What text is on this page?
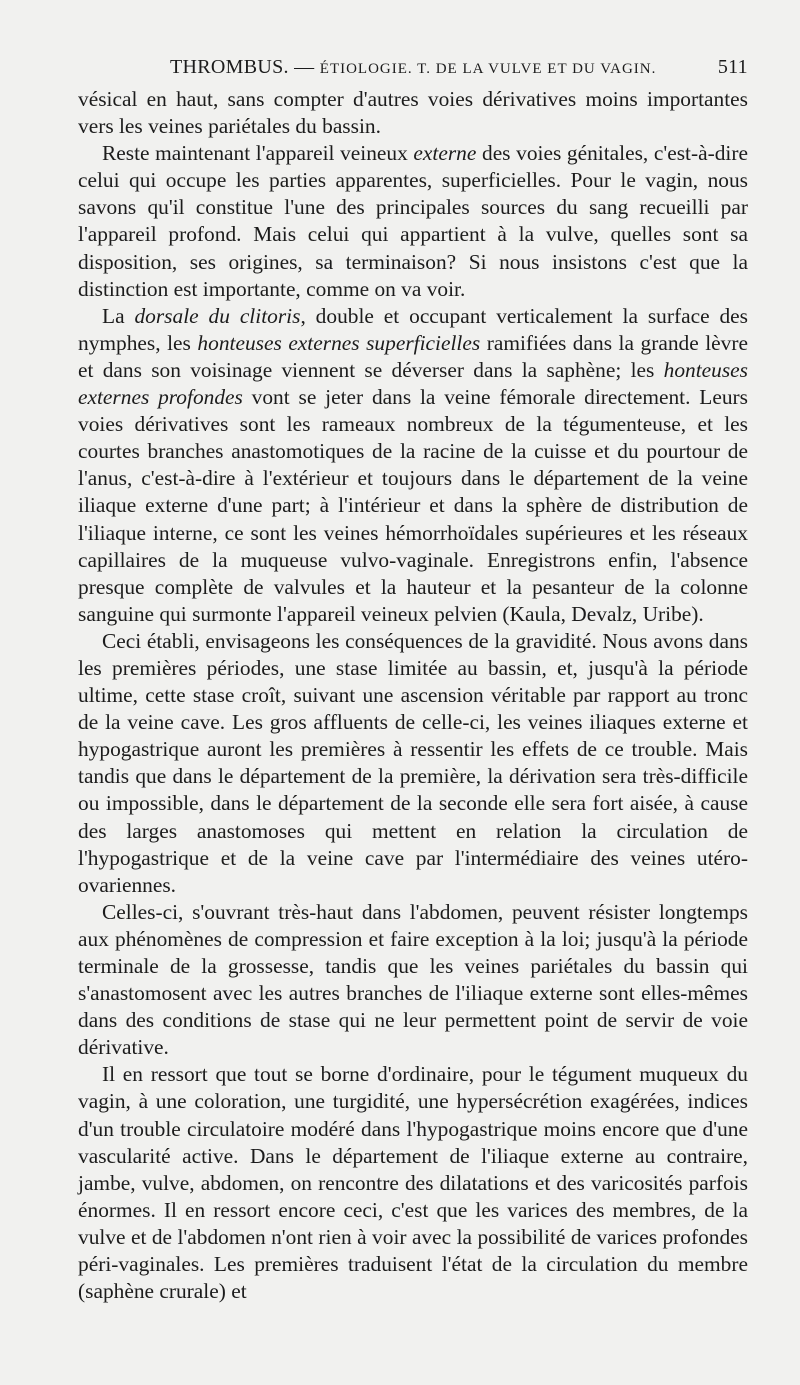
THROMBUS. — ÉTIOLOGIE. T. DE LA VULVE ET DU VAGIN.	511

vésical en haut, sans compter d'autres voies dérivatives moins importantes vers les veines pariétales du bassin.

Reste maintenant l'appareil veineux externe des voies génitales, c'est-à-dire celui qui occupe les parties apparentes, superficielles. Pour le vagin, nous savons qu'il constitue l'une des principales sources du sang recueilli par l'appareil profond. Mais celui qui appartient à la vulve, quelles sont sa disposition, ses origines, sa terminaison? Si nous insistons c'est que la distinction est importante, comme on va voir.

La dorsale du clitoris, double et occupant verticalement la surface des nymphes, les honteuses externes superficielles ramifiées dans la grande lèvre et dans son voisinage viennent se déverser dans la saphène; les honteuses externes profondes vont se jeter dans la veine fémorale directement. Leurs voies dérivatives sont les rameaux nombreux de la tégumenteuse, et les courtes branches anastomotiques de la racine de la cuisse et du pourtour de l'anus, c'est-à-dire à l'extérieur et toujours dans le département de la veine iliaque externe d'une part; à l'intérieur et dans la sphère de distribution de l'iliaque interne, ce sont les veines hémorrhoïdales supérieures et les réseaux capillaires de la muqueuse vulvo-vaginale. Enregistrons enfin, l'absence presque complète de valvules et la hauteur et la pesanteur de la colonne sanguine qui surmonte l'appareil veineux pelvien (Kaula, Devalz, Uribe).

Ceci établi, envisageons les conséquences de la gravidité. Nous avons dans les premières périodes, une stase limitée au bassin, et, jusqu'à la période ultime, cette stase croît, suivant une ascension véritable par rapport au tronc de la veine cave. Les gros affluents de celle-ci, les veines iliaques externe et hypogastrique auront les premières à ressentir les effets de ce trouble. Mais tandis que dans le département de la première, la dérivation sera très-difficile ou impossible, dans le département de la seconde elle sera fort aisée, à cause des larges anastomoses qui mettent en relation la circulation de l'hypogastrique et de la veine cave par l'intermédiaire des veines utéro-ovariennes.

Celles-ci, s'ouvrant très-haut dans l'abdomen, peuvent résister longtemps aux phénomènes de compression et faire exception à la loi; jusqu'à la période terminale de la grossesse, tandis que les veines pariétales du bassin qui s'anastomosent avec les autres branches de l'iliaque externe sont elles-mêmes dans des conditions de stase qui ne leur permettent point de servir de voie dérivative.

Il en ressort que tout se borne d'ordinaire, pour le tégument muqueux du vagin, à une coloration, une turgidité, une hypersécrétion exagérées, indices d'un trouble circulatoire modéré dans l'hypogastrique moins encore que d'une vascularité active. Dans le département de l'iliaque externe au contraire, jambe, vulve, abdomen, on rencontre des dilatations et des varicosités parfois énormes. Il en ressort encore ceci, c'est que les varices des membres, de la vulve et de l'abdomen n'ont rien à voir avec la possibilité de varices profondes péri-vaginales. Les premières traduisent l'état de la circulation du membre (saphène crurale) et
